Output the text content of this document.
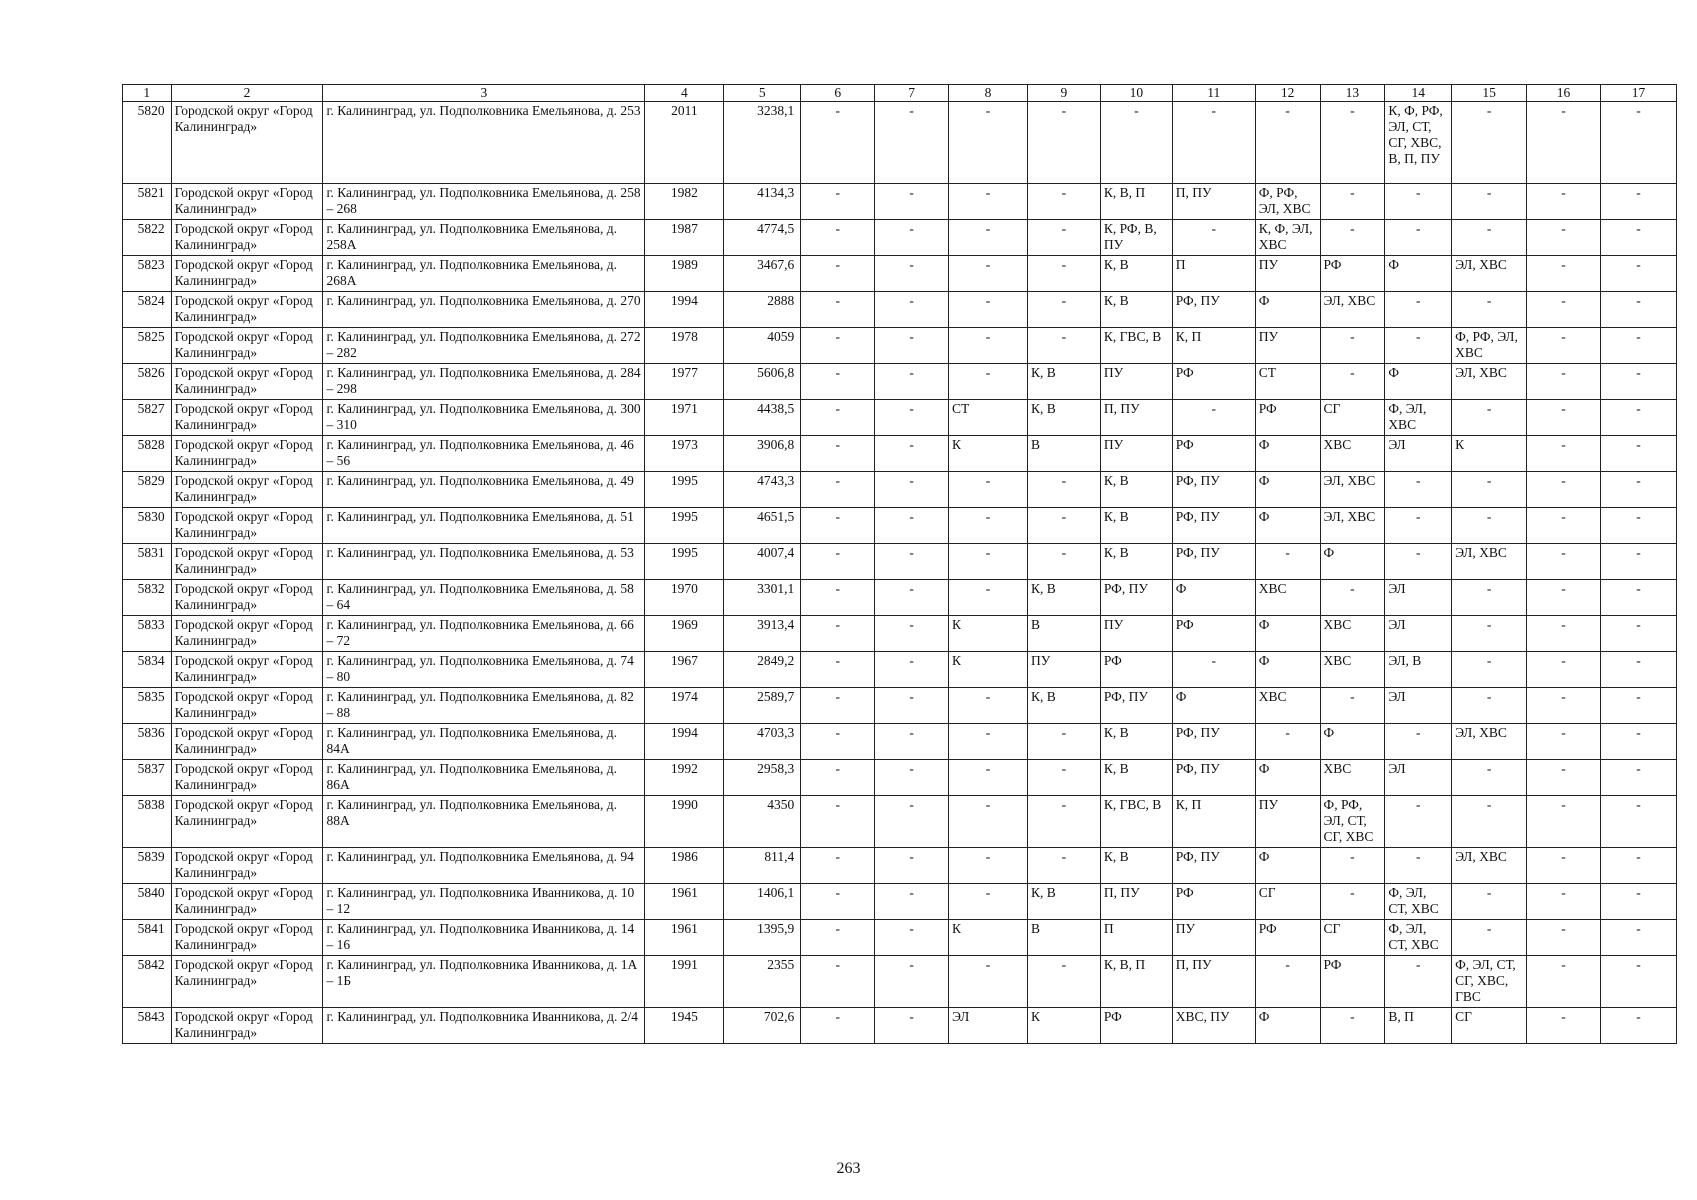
1	2	3	4	5	6	7	8	9	10	11	12	13	14	15	16	17
5820	Городской округ «Город Калининград»	г. Калининград, ул. Подполковника Емельянова, д. 253	2011	3238,1	-	-	-	-	-	-	-	-	К, Ф, РФ, ЭЛ, СТ, СГ, ХВС, В, П, ПУ	-	-	-
5821	Городской округ «Город Калининград»	г. Калининград, ул. Подполковника Емельянова, д. 258 – 268	1982	4134,3	-	-	-	-	К, В, П	П, ПУ	Ф, РФ, ЭЛ, ХВС	-	-	-	-	-
5822	Городской округ «Город Калининград»	г. Калининград, ул. Подполковника Емельянова, д. 258А	1987	4774,5	-	-	-	-	К, РФ, В, ПУ	-	К, Ф, ЭЛ, ХВС	-	-	-	-	-
5823	Городской округ «Город Калининград»	г. Калининград, ул. Подполковника Емельянова, д. 268А	1989	3467,6	-	-	-	-	К, В	П	ПУ	РФ	Ф	ЭЛ, ХВС	-	-
5824	Городской округ «Город Калининград»	г. Калининград, ул. Подполковника Емельянова, д. 270	1994	2888	-	-	-	-	К, В	РФ, ПУ	Ф	ЭЛ, ХВС	-	-	-	-
5825	Городской округ «Город Калининград»	г. Калининград, ул. Подполковника Емельянова, д. 272 – 282	1978	4059	-	-	-	-	К, ГВС, В	К, П	ПУ	-	-	Ф, РФ, ЭЛ, ХВС	-	-
5826	Городской округ «Город Калининград»	г. Калининград, ул. Подполковника Емельянова, д. 284 – 298	1977	5606,8	-	-	-	К, В	ПУ	РФ	СТ	-	Ф	ЭЛ, ХВС	-	-
5827	Городской округ «Город Калининград»	г. Калининград, ул. Подполковника Емельянова, д. 300 – 310	1971	4438,5	-	-	СТ	К, В	П, ПУ	-	РФ	СГ	Ф, ЭЛ, ХВС	-	-	-
5828	Городской округ «Город Калининград»	г. Калининград, ул. Подполковника Емельянова, д. 46 – 56	1973	3906,8	-	-	К	В	ПУ	РФ	Ф	ХВС	ЭЛ	К	-	-
5829	Городской округ «Город Калининград»	г. Калининград, ул. Подполковника Емельянова, д. 49	1995	4743,3	-	-	-	-	К, В	РФ, ПУ	Ф	ЭЛ, ХВС	-	-	-	-
5830	Городской округ «Город Калининград»	г. Калининград, ул. Подполковника Емельянова, д. 51	1995	4651,5	-	-	-	-	К, В	РФ, ПУ	Ф	ЭЛ, ХВС	-	-	-	-
5831	Городской округ «Город Калининград»	г. Калининград, ул. Подполковника Емельянова, д. 53	1995	4007,4	-	-	-	-	К, В	РФ, ПУ	-	Ф	-	ЭЛ, ХВС	-	-
5832	Городской округ «Город Калининград»	г. Калининград, ул. Подполковника Емельянова, д. 58 – 64	1970	3301,1	-	-	-	К, В	РФ, ПУ	Ф	ХВС	-	ЭЛ	-	-	-
5833	Городской округ «Город Калининград»	г. Калининград, ул. Подполковника Емельянова, д. 66 – 72	1969	3913,4	-	-	К	В	ПУ	РФ	Ф	ХВС	ЭЛ	-	-	-
5834	Городской округ «Город Калининград»	г. Калининград, ул. Подполковника Емельянова, д. 74 – 80	1967	2849,2	-	-	К	ПУ	РФ	-	Ф	ХВС	ЭЛ, В	-	-	-
5835	Городской округ «Город Калининград»	г. Калининград, ул. Подполковника Емельянова, д. 82 – 88	1974	2589,7	-	-	-	К, В	РФ, ПУ	Ф	ХВС	-	ЭЛ	-	-	-
5836	Городской округ «Город Калининград»	г. Калининград, ул. Подполковника Емельянова, д. 84А	1994	4703,3	-	-	-	-	К, В	РФ, ПУ	-	Ф	-	ЭЛ, ХВС	-	-
5837	Городской округ «Город Калининград»	г. Калининград, ул. Подполковника Емельянова, д. 86А	1992	2958,3	-	-	-	-	К, В	РФ, ПУ	Ф	ХВС	ЭЛ	-	-	-
5838	Городской округ «Город Калининград»	г. Калининград, ул. Подполковника Емельянова, д. 88А	1990	4350	-	-	-	-	К, ГВС, В	К, П	ПУ	Ф, РФ, ЭЛ, СТ, СГ, ХВС	-	-	-	-
5839	Городской округ «Город Калининград»	г. Калининград, ул. Подполковника Емельянова, д. 94	1986	811,4	-	-	-	-	К, В	РФ, ПУ	Ф	-	-	ЭЛ, ХВС	-	-
5840	Городской округ «Город Калининград»	г. Калининград, ул. Подполковника Иванникова, д. 10 – 12	1961	1406,1	-	-	-	К, В	П, ПУ	РФ	СГ	-	Ф, ЭЛ, СТ, ХВС	-	-	-
5841	Городской округ «Город Калининград»	г. Калининград, ул. Подполковника Иванникова, д. 14 – 16	1961	1395,9	-	-	К	В	П	ПУ	РФ	СГ	Ф, ЭЛ, СТ, ХВС	-	-	-
5842	Городской округ «Город Калининград»	г. Калининград, ул. Подполковника Иванникова, д. 1А – 1Б	1991	2355	-	-	-	-	К, В, П	П, ПУ	-	РФ	-	Ф, ЭЛ, СТ, СГ, ХВС, ГВС	-	-
5843	Городской округ «Город Калининград»	г. Калининград, ул. Подполковника Иванникова, д. 2/4	1945	702,6	-	-	ЭЛ	К	РФ	ХВС, ПУ	Ф	-	В, П	СГ	-	-
263
